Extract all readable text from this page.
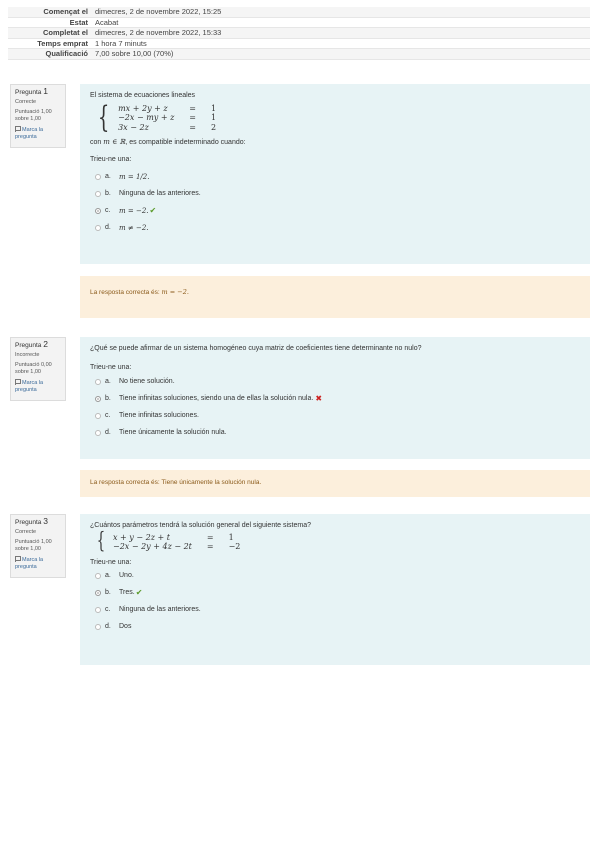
Començat el dimecres, 2 de novembre 2022, 15:25
Estat Acabat
Completat el dimecres, 2 de novembre 2022, 15:33
Temps emprat 1 hora 7 minuts
Qualificació 7,00 sobre 10,00 (70%)
Pregunta 1
Correcte
Puntuació 1,00 sobre 1,00
Marca la pregunta
El sistema de ecuaciones lineales
{ mx + 2y + z	=	1
−2x − my + z	=	1
3x − 2z	=	2
con m ∈ ℝ, es compatible indeterminado cuando:
Trieu-ne una:
a.	m = 1/2.
b.	Ninguna de las anteriores.
c.	m = −2. ✔
d.	m ≠ −2.
La resposta correcta és: m = −2.
Pregunta 2
Incorrecte
Puntuació 0,00 sobre 1,00
Marca la pregunta
¿Qué se puede afirmar de un sistema homogéneo cuya matriz de coeficientes tiene determinante no nulo?
Trieu-ne una:
a.	No tiene solución.
b.	Tiene infinitas soluciones, siendo una de ellas la solución nula. ✖
c.	Tiene infinitas soluciones.
d.	Tiene únicamente la solución nula.
La resposta correcta és: Tiene únicamente la solución nula.
Pregunta 3
Correcte
Puntuació 1,00 sobre 1,00
Marca la pregunta
¿Cuántos parámetros tendrá la solución general del siguiente sistema?
{ x + y − 2z + t	=	1
−2x − 2y + 4z − 2t	=	−2
Trieu-ne una:
a.	Uno.
b.	Tres. ✔
c.	Ninguna de las anteriores.
d.	Dos
